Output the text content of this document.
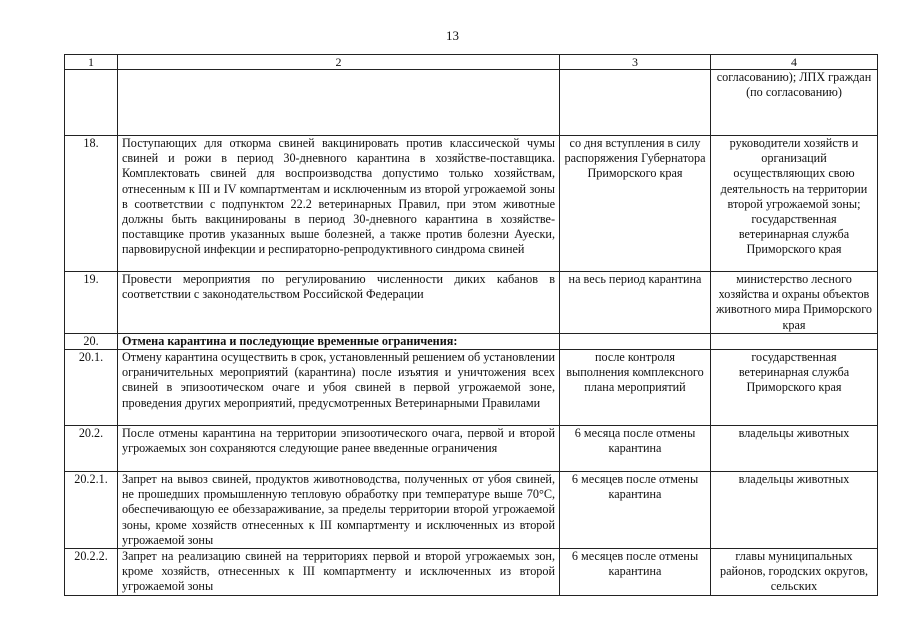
13
1	2	3	4
			согласованию); ЛПХ граждан (по согласованию)
18.	Поступающих для откорма свиней вакцинировать против классической чумы свиней и рожи в период 30-дневного карантина в хозяйстве-поставщика. Комплектовать свиней для воспроизводства допустимо только хозяйствам, отнесенным к III и IV компартментам и исключенным из второй угрожаемой зоны в соответствии с подпунктом 22.2 ветеринарных Правил, при этом животные должны быть вакцинированы в период 30-дневного карантина в хозяйстве-поставщике против указанных выше болезней, а также против болезни Ауески, парвовирусной инфекции и респираторно-репродуктивного синдрома свиней	со дня вступления в силу распоряжения Губернатора Приморского края	руководители хозяйств и организаций осуществляющих свою деятельность на территории второй угрожаемой зоны; государственная ветеринарная служба Приморского края
19.	Провести мероприятия по регулированию численности диких кабанов в соответствии с законодательством Российской Федерации	на весь период карантина	министерство лесного хозяйства и охраны объектов животного мира Приморского края
20.	Отмена карантина и последующие временные ограничения:		
20.1.	Отмену карантина осуществить в срок, установленный решением об установлении ограничительных мероприятий (карантина) после изъятия и уничтожения всех свиней в эпизоотическом очаге и убоя свиней в первой угрожаемой зоне, проведения других мероприятий, предусмотренных Ветеринарными Правилами	после контроля выполнения комплексного плана мероприятий	государственная ветеринарная служба Приморского края
20.2.	После отмены карантина на территории эпизоотического очага, первой и второй угрожаемых зон сохраняются следующие ранее введенные ограничения	6 месяца после отмены карантина	владельцы животных
20.2.1.	Запрет на вывоз свиней, продуктов животноводства, полученных от убоя свиней, не прошедших промышленную тепловую обработку при температуре выше 70°С, обеспечивающую ее обеззараживание, за пределы территории второй угрожаемой зоны, кроме хозяйств отнесенных к III компартменту и исключенных из второй угрожаемой зоны	6 месяцев после отмены карантина	владельцы животных
20.2.2.	Запрет на реализацию свиней на территориях первой и второй угрожаемых зон, кроме хозяйств, отнесенных к III компартменту и исключенных из второй угрожаемой зоны	6 месяцев после отмены карантина	главы муниципальных районов, городских округов, сельских
